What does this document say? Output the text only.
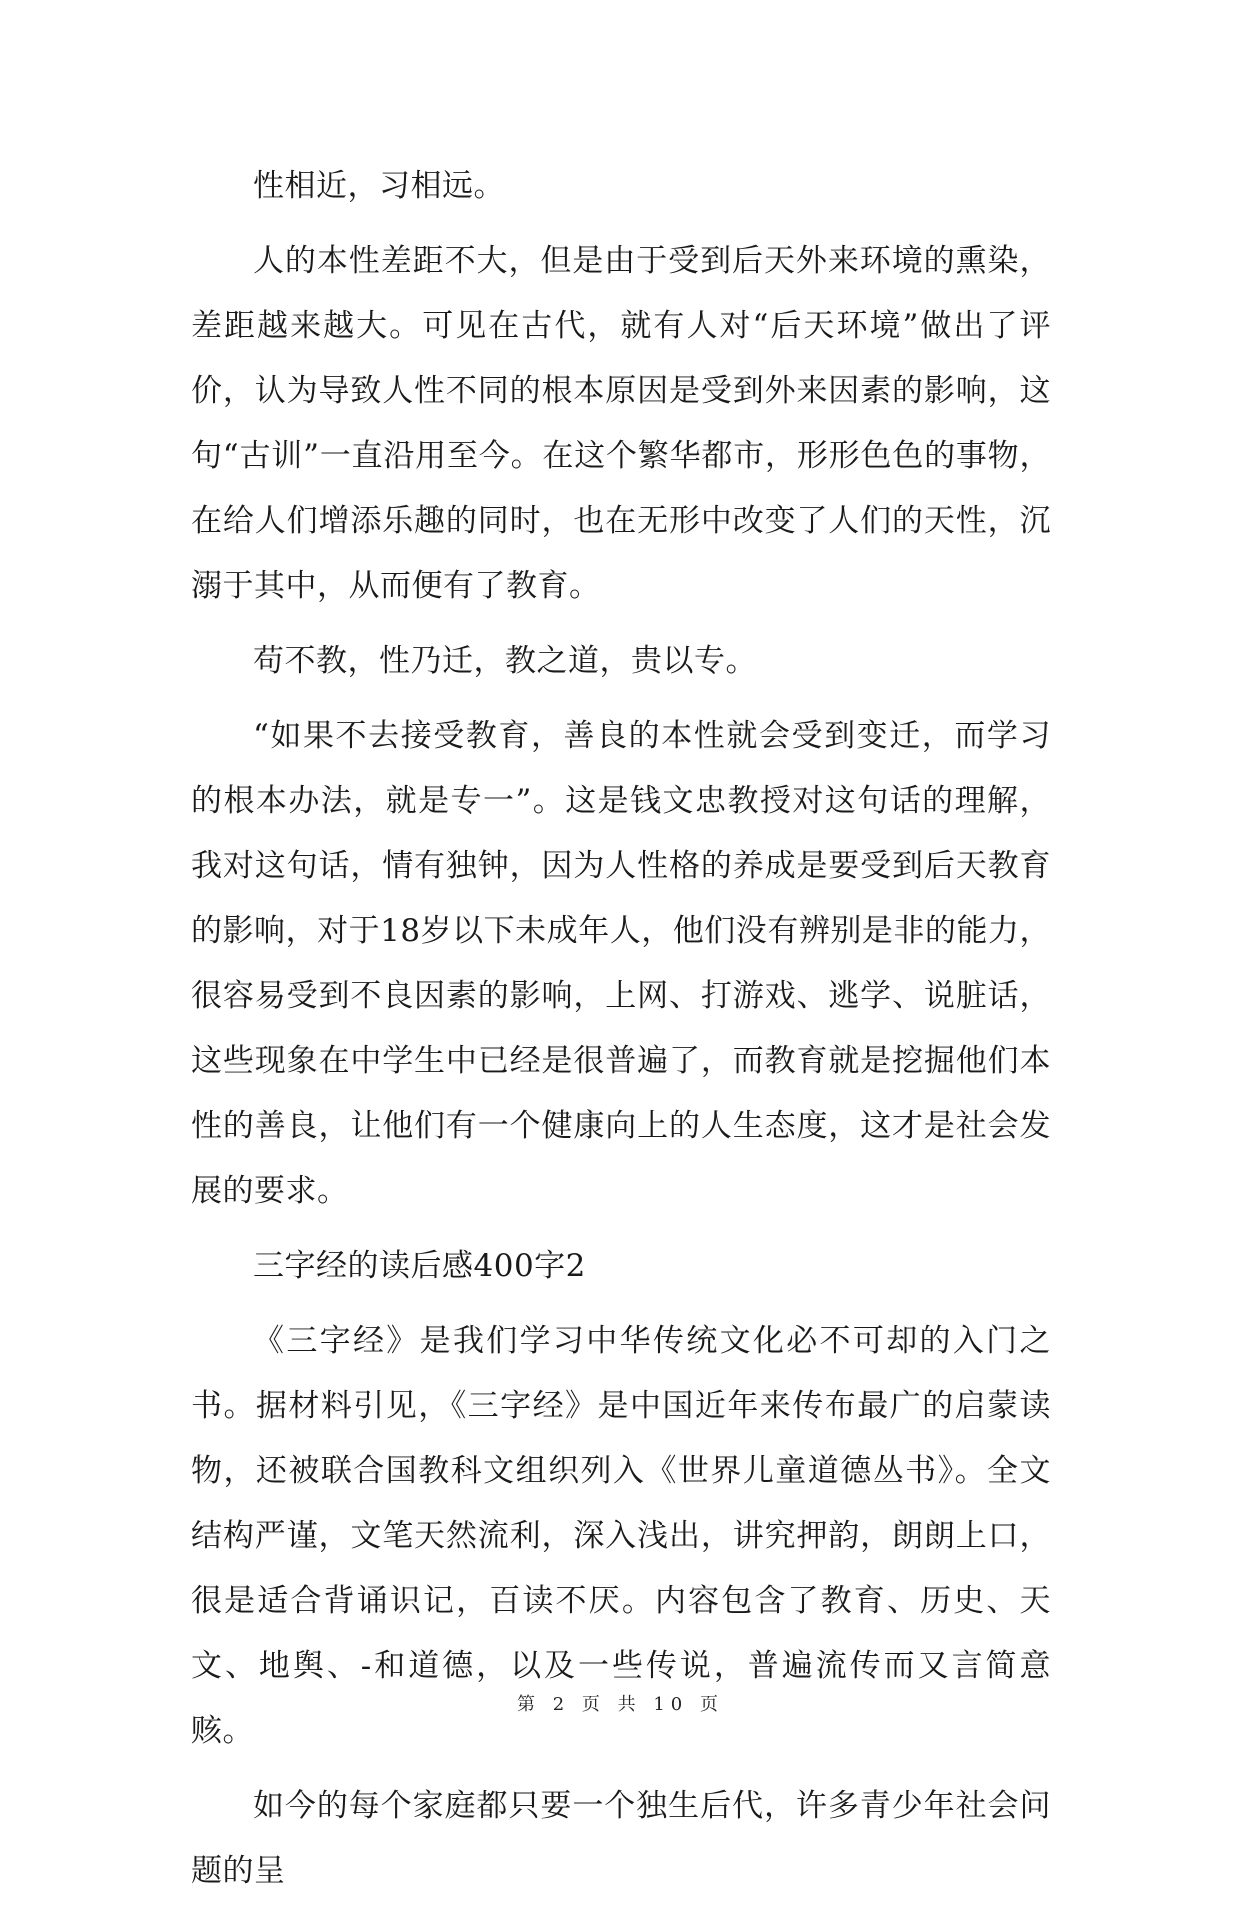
性相近，习相远。

人的本性差距不大，但是由于受到后天外来环境的熏染，差距越来越大。可见在古代，就有人对“后天环境”做出了评价，认为导致人性不同的根本原因是受到外来因素的影响，这句“古训”一直沿用至今。在这个繁华都市，形形色色的事物，在给人们增添乐趣的同时，也在无形中改变了人们的天性，沉溺于其中，从而便有了教育。

苟不教，性乃迁，教之道，贵以专。

“如果不去接受教育，善良的本性就会受到变迁，而学习的根本办法，就是专一”。这是钱文忠教授对这句话的理解，我对这句话，情有独钟，因为人性格的养成是要受到后天教育的影响，对于18岁以下未成年人，他们没有辨别是非的能力，很容易受到不良因素的影响，上网、打游戏、逃学、说脏话，这些现象在中学生中已经是很普遍了，而教育就是挖掘他们本性的善良，让他们有一个健康向上的人生态度，这才是社会发展的要求。

三字经的读后感400字2

《三字经》是我们学习中华传统文化必不可却的入门之书。据材料引见，《三字经》是中国近年来传布最广的启蒙读物，还被联合国教科文组织列入《世界儿童道德丛书》。全文结构严谨，文笔天然流利，深入浅出，讲究押韵，朗朗上口，很是适合背诵识记，百读不厌。内容包含了教育、历史、天文、地舆、-和道德，以及一些传说，普遍流传而又言简意赅。

如今的每个家庭都只要一个独生后代，许多青少年社会问题的呈

第 2 页 共 10 页
